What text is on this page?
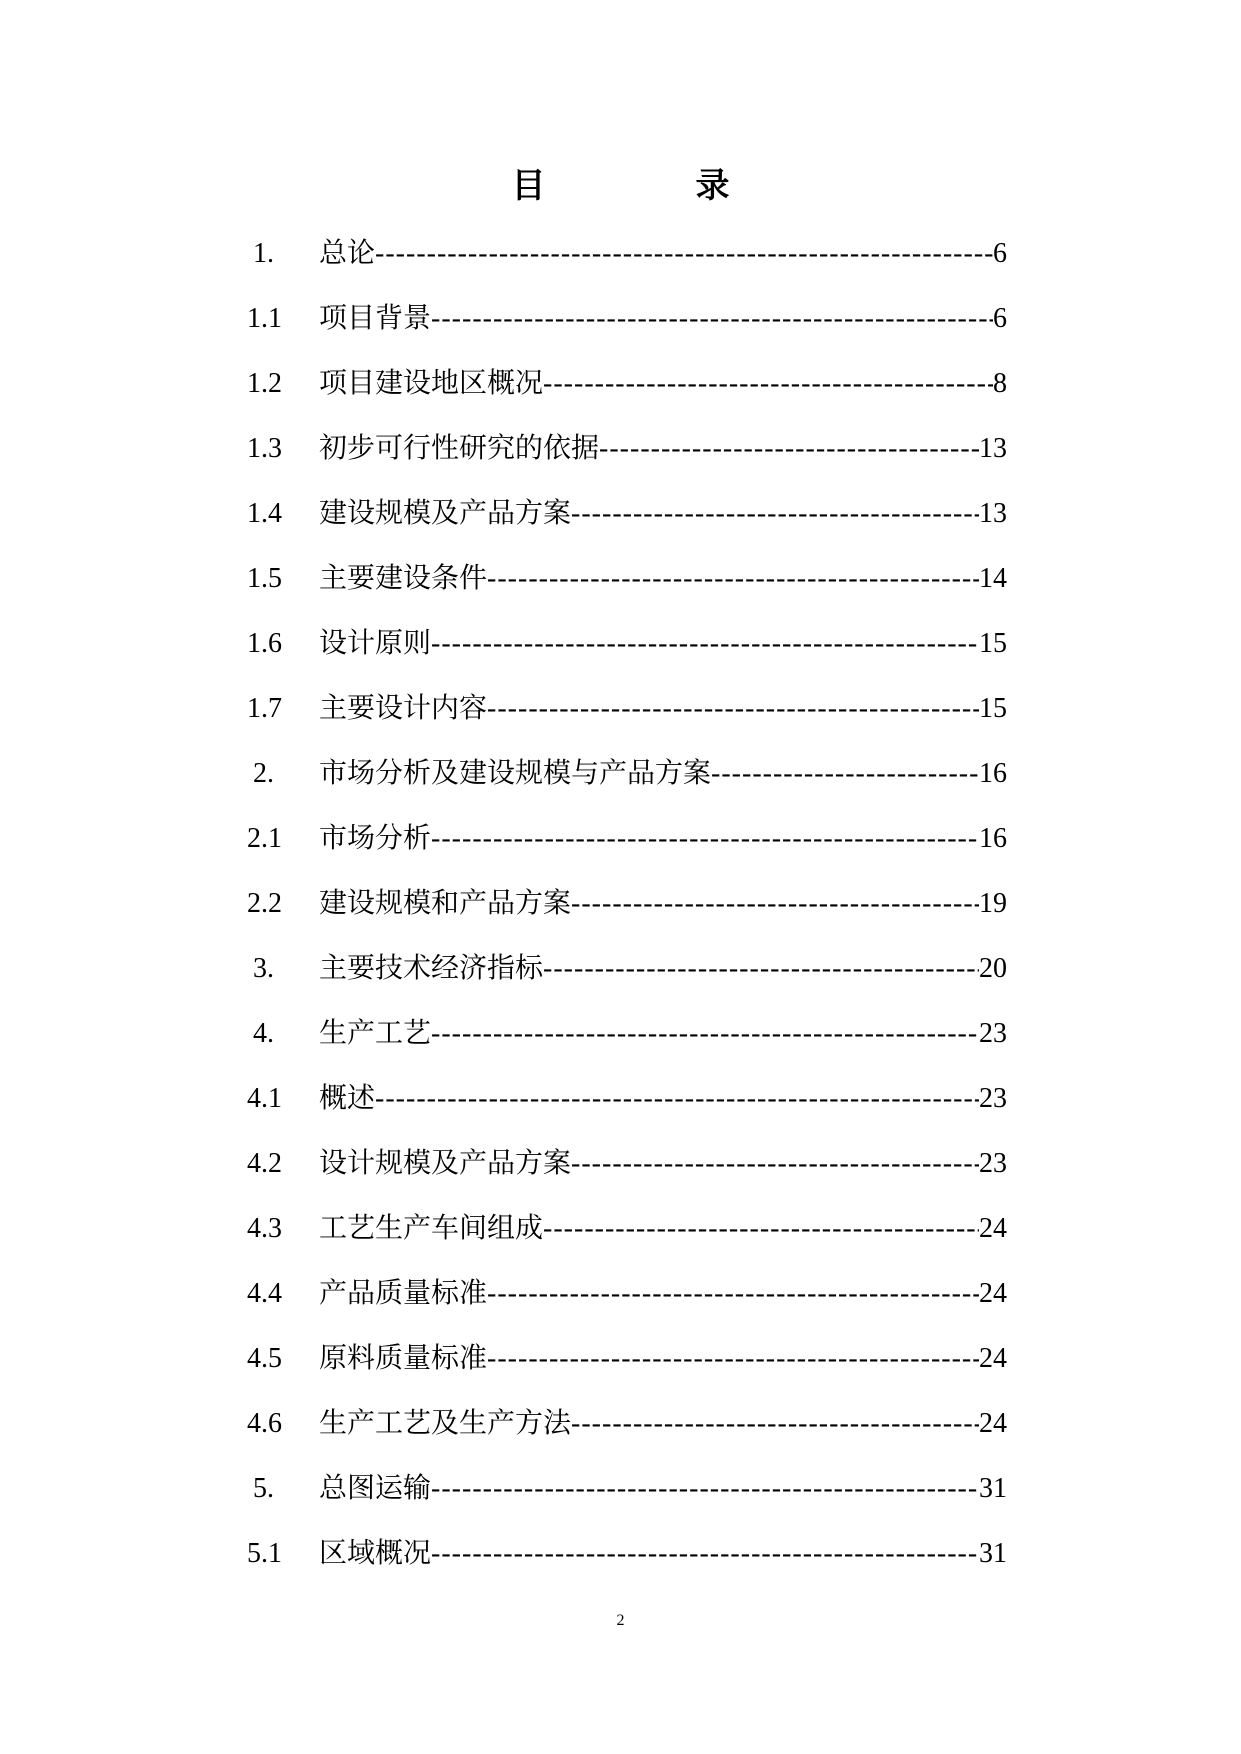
目录
1.	总论 -----	6
1.1	项目背景 -----	6
1.2	项目建设地区概况 -----	8
1.3	初步可行性研究的依据 -----	13
1.4	建设规模及产品方案 -----	13
1.5	主要建设条件 -----	14
1.6	设计原则 -----	15
1.7	主要设计内容 -----	15
2.	市场分析及建设规模与产品方案 -----	16
2.1	市场分析 -----	16
2.2	建设规模和产品方案 -----	19
3.	主要技术经济指标 -----	20
4.	生产工艺 -----	23
4.1	概述 -----	23
4.2	设计规模及产品方案 -----	23
4.3	工艺生产车间组成 -----	24
4.4	产品质量标准 -----	24
4.5	原料质量标准 -----	24
4.6	生产工艺及生产方法 -----	24
5.	总图运输 -----	31
5.1	区域概况 -----	31
2
